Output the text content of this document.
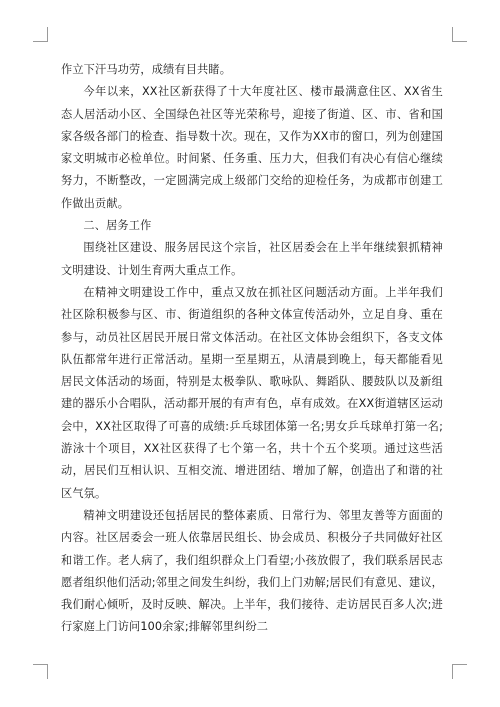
作立下汗马功劳，成绩有目共睹。

今年以来，XX社区新获得了十大年度社区、楼市最满意住区、XX省生态人居活动小区、全国绿色社区等光荣称号，迎接了街道、区、市、省和国家各级各部门的检查、指导数十次。现在，又作为XX市的窗口，列为创建国家文明城市必检单位。时间紧、任务重、压力大，但我们有决心有信心继续努力，不断整改，一定圆满完成上级部门交给的迎检任务，为成都市创建工作做出贡献。

二、居务工作

围绕社区建设、服务居民这个宗旨，社区居委会在上半年继续狠抓精神文明建设、计划生育两大重点工作。

在精神文明建设工作中，重点又放在抓社区问题活动方面。上半年我们社区除积极参与区、市、街道组织的各种文体宣传活动外，立足自身、重在参与，动员社区居民开展日常文体活动。在社区文体协会组织下，各支文体队伍都常年进行正常活动。星期一至星期五，从清晨到晚上，每天都能看见居民文体活动的场面，特别是太极拳队、歌咏队、舞蹈队、腰鼓队以及新组建的器乐小合唱队，活动都开展的有声有色，卓有成效。在XX街道辖区运动会中，XX社区取得了可喜的成绩:乒乓球团体第一名;男女乒乓球单打第一名;游泳十个项目，XX社区获得了七个第一名，共十个五个奖项。通过这些活动，居民们互相认识、互相交流、增进团结、增加了解，创造出了和谐的社区气氛。

精神文明建设还包括居民的整体素质、日常行为、邻里友善等方面面的内容。社区居委会一班人依靠居民组长、协会成员、积极分子共同做好社区和谐工作。老人病了，我们组织群众上门看望;小孩放假了，我们联系居民志愿者组织他们活动;邻里之间发生纠纷，我们上门劝解;居民们有意见、建议，我们耐心倾听，及时反映、解决。上半年，我们接待、走访居民百多人次;进行家庭上门访问100余家;排解邻里纠纷二
